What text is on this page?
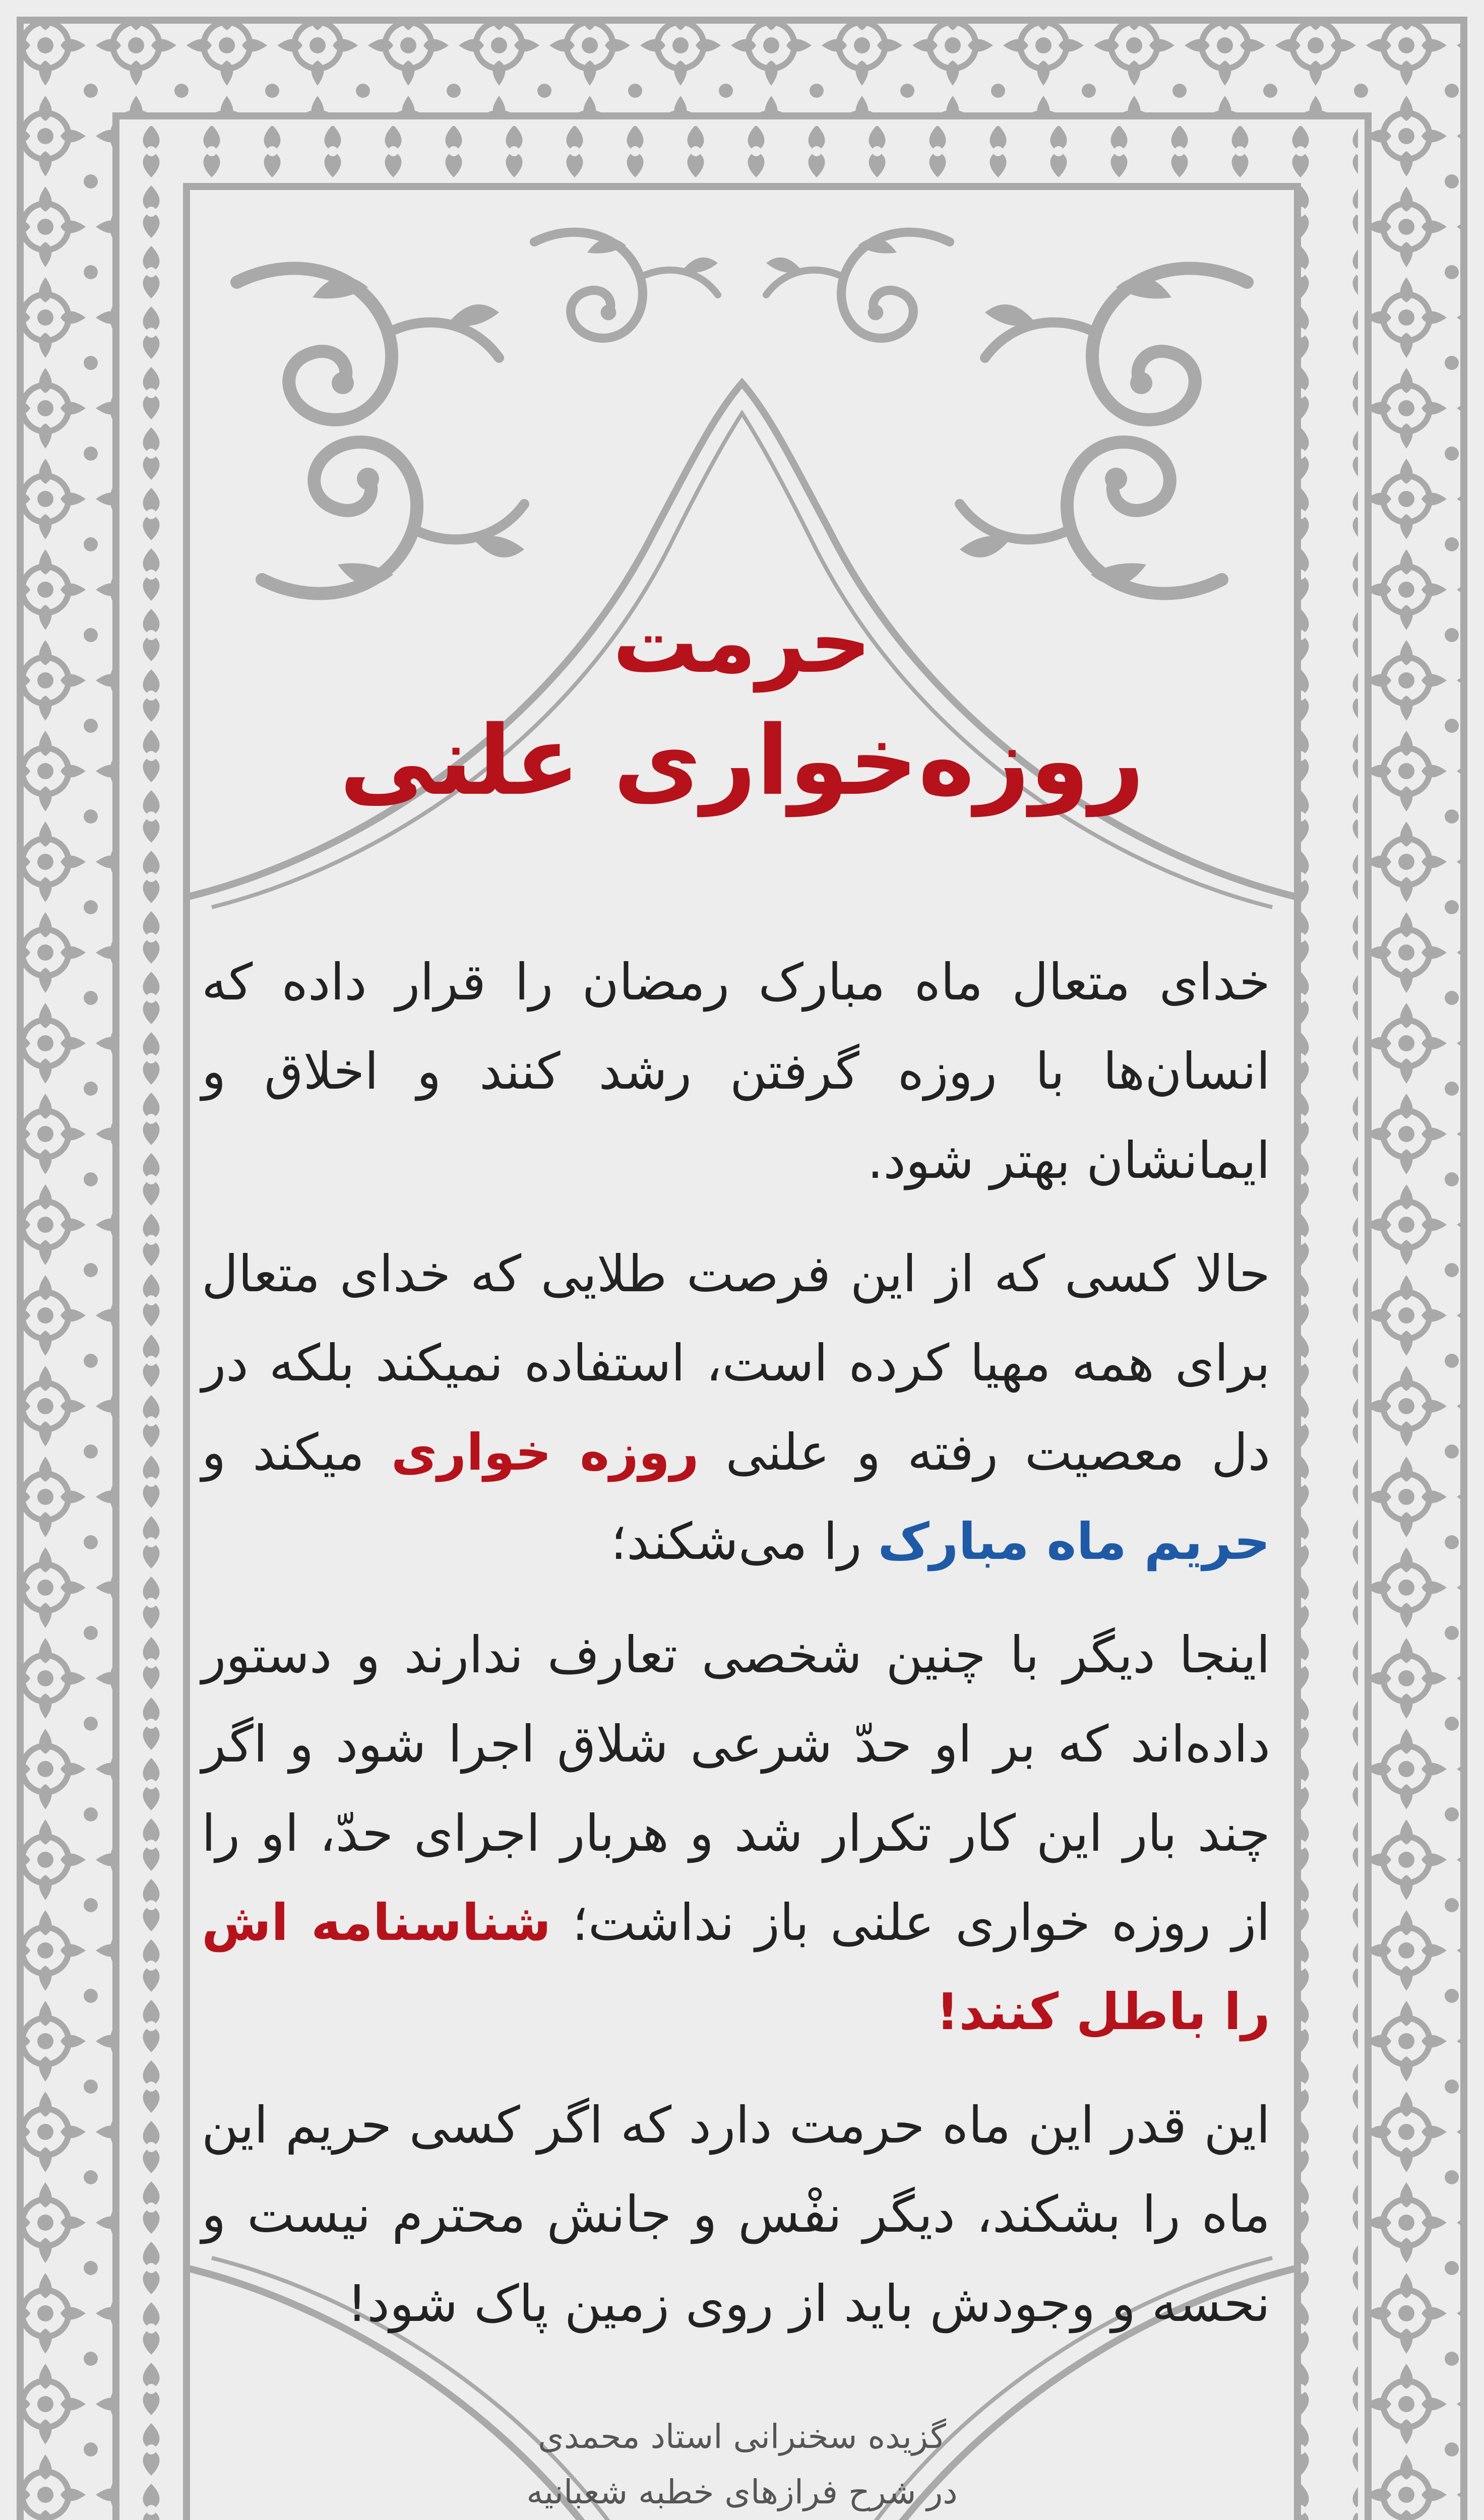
حرمت
روزه‌خواری علنی

خدای متعال ماه مبارک رمضان را قرار داده که انسان‌ها با روزه گرفتن رشد کنند و اخلاق و ایمانشان بهتر شود.

حالا کسی که از این فرصت طلایی که خدای متعال برای همه مهیا کرده است، استفاده نمیکند بلکه در دل معصیت رفته و علنی روزه خواری میکند و حریم ماه مبارک را می‌شکند؛

اینجا دیگر با چنین شخصی تعارف ندارند و دستور داده‌اند که بر او حدّ شرعی شلاق اجرا شود و اگر چند بار این کار تکرار شد و هربار اجرای حدّ، او را از روزه خواری علنی باز نداشت؛ شناسنامه اش را باطل کنند!

این قدر این ماه حرمت دارد که اگر کسی حریم این ماه را بشکند، دیگر نفْس و جانش محترم نیست و نحسه و وجودش باید از روی زمین پاک شود!

گزیده سخنرانی استاد محمدی
در شرح فرازهای خطبه شعبانیه
